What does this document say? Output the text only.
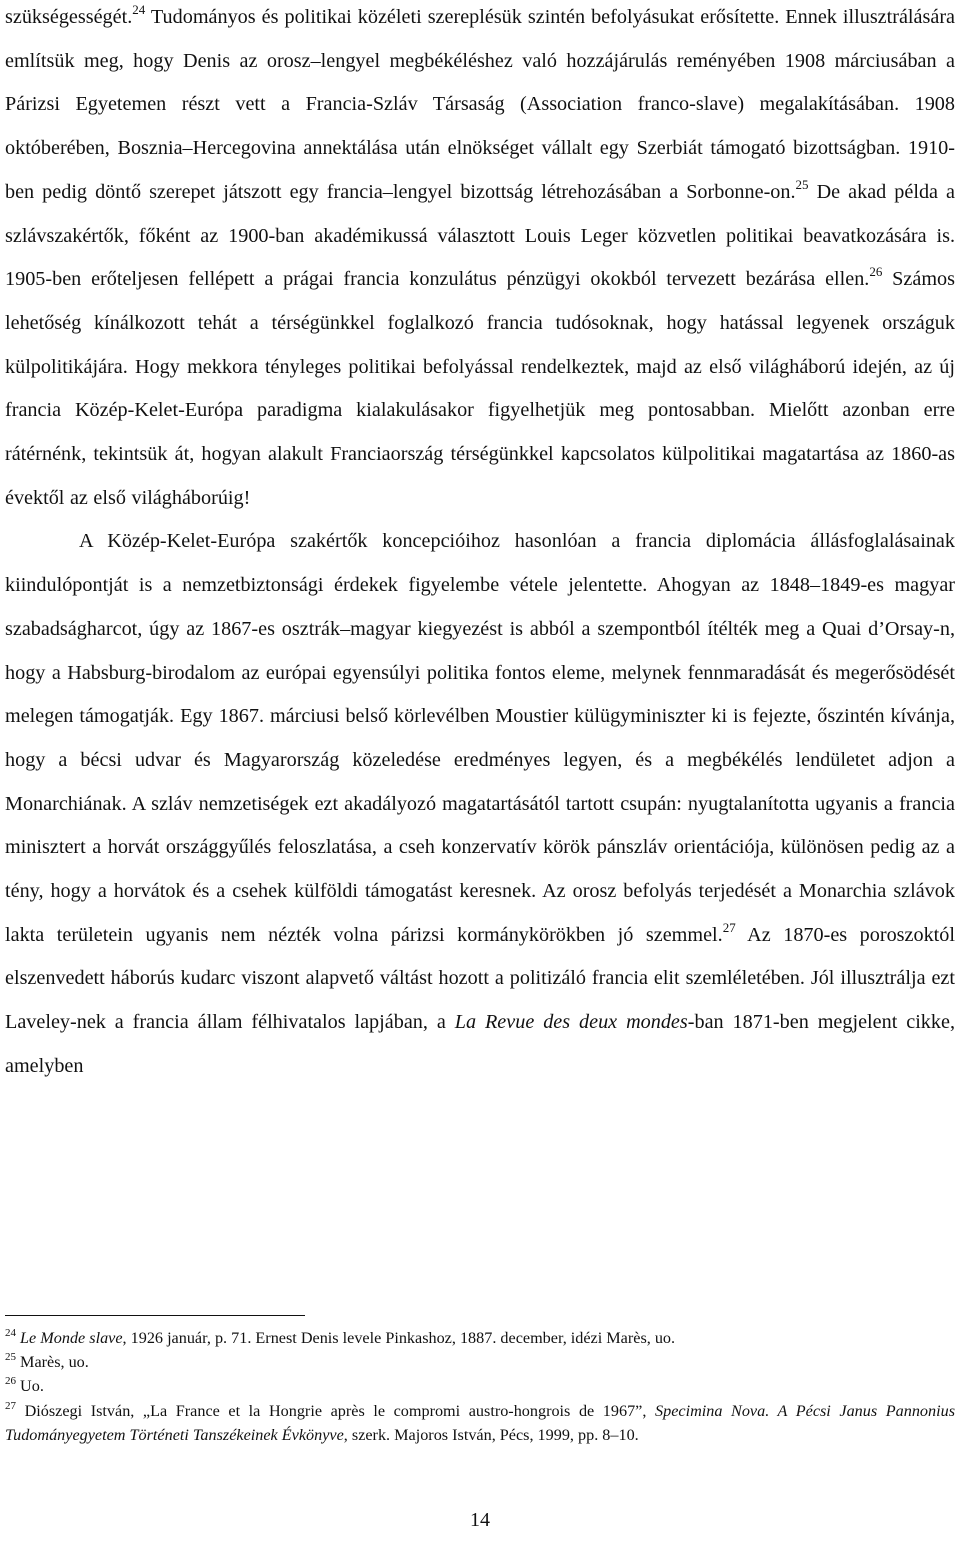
szükségességét.$^{24}$ Tudományos és politikai közéleti szereplésük szintén befolyásukat erősítette. Ennek illusztrálására említsük meg, hogy Denis az orosz–lengyel megbékéléshez való hozzájárulás reményében 1908 márciusában a Párizsi Egyetemen részt vett a Francia-Szláv Társaság (Association franco-slave) megalakításában. 1908 októberében, Bosznia–Hercegovina annektálása után elnökséget vállalt egy Szerbiát támogató bizottságban. 1910-ben pedig döntő szerepet játszott egy francia–lengyel bizottság létrehozásában a Sorbonne-on.$^{25}$ De akad példa a szlávszakértők, főként az 1900-ban akadémikussá választott Louis Leger közvetlen politikai beavatkozására is. 1905-ben erőteljesen fellépett a prágai francia konzulátus pénzügyi okokból tervezett bezárása ellen.$^{26}$ Számos lehetőség kínálkozott tehát a térségünkkel foglalkozó francia tudósoknak, hogy hatással legyenek országuk külpolitikájára. Hogy mekkora tényleges politikai befolyással rendelkeztek, majd az első világháború idején, az új francia Közép-Kelet-Európa paradigma kialakulásakor figyelhetjük meg pontosabban. Mielőtt azonban erre rátérnénk, tekintsük át, hogyan alakult Franciaország térségünkkel kapcsolatos külpolitikai magatartása az 1860-as évektől az első világháborúig!

A Közép-Kelet-Európa szakértők koncepcióihoz hasonlóan a francia diplomácia állásfoglalásainak kiindulópontját is a nemzetbiztonsági érdekek figyelembe vétele jelentette. Ahogyan az 1848–1849-es magyar szabadságharcot, úgy az 1867-es osztrák–magyar kiegyezést is abból a szempontból ítélték meg a Quai d’Orsay-n, hogy a Habsburg-birodalom az európai egyensúlyi politika fontos eleme, melynek fennmaradását és megerősödését melegen támogatják. Egy 1867. márciusi belső körlevélben Moustier külügyminiszter ki is fejezte, őszintén kívánja, hogy a bécsi udvar és Magyarország közeledése eredményes legyen, és a megbékélés lendületet adjon a Monarchiának. A szláv nemzetiségek ezt akadályozó magatartásától tartott csupán: nyugtalanította ugyanis a francia minisztert a horvát országgyűlés feloszlatása, a cseh konzervatív körök pánszláv orientációja, különösen pedig az a tény, hogy a horvátok és a csehek külföldi támogatást keresnek. Az orosz befolyás terjedését a Monarchia szlávok lakta területein ugyanis nem nézték volna párizsi kormánykörökben jó szemmel.$^{27}$ Az 1870-es poroszoktól elszenvedett háborús kudarc viszont alapvető váltást hozott a politizáló francia elit szemléletében. Jól illusztrálja ezt Laveley-nek a francia állam félhivatalos lapjában, a La Revue des deux mondes-ban 1871-ben megjelent cikke, amelyben

$^{24}$ Le Monde slave, 1926 január, p. 71. Ernest Denis levele Pinkashoz, 1887. december, idézi Marès, uo.

$^{25}$ Marès, uo.

$^{26}$ Uo.

$^{27}$ Diószegi István, „La France et la Hongrie après le compromi austro-hongrois de 1967”, Specimina Nova. A Pécsi Janus Pannonius Tudományegyetem Történeti Tanszékeinek Évkönyve, szerk. Majoros István, Pécs, 1999, pp. 8–10.

14
